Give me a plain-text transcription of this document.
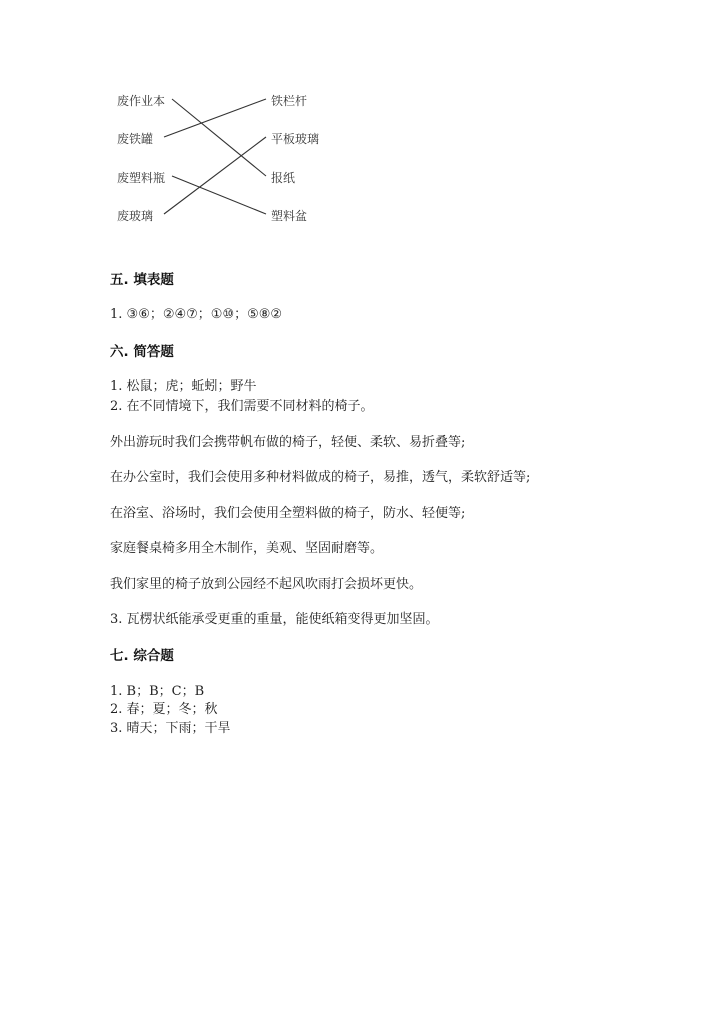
废作业本
废铁罐
废塑料瓶
废玻璃
铁栏杆
平板玻璃
报纸
塑料盆
五. 填表题
1. ③⑥；②④⑦；①⑩；⑤⑧②
六. 简答题
1. 松鼠；虎；蚯蚓；野牛
2. 在不同情境下，我们需要不同材料的椅子。
外出游玩时我们会携带帆布做的椅子，轻便、柔软、易折叠等;
在办公室时，我们会使用多种材料做成的椅子，易推，透气，柔软舒适等;
在浴室、浴场时，我们会使用全塑料做的椅子，防水、轻便等;
家庭餐桌椅多用全木制作，美观、坚固耐磨等。
我们家里的椅子放到公园经不起风吹雨打会损坏更快。
3. 瓦楞状纸能承受更重的重量，能使纸箱变得更加坚固。
七. 综合题
1. B；B；C；B
2. 春；夏；冬；秋
3. 晴天；下雨；干旱
